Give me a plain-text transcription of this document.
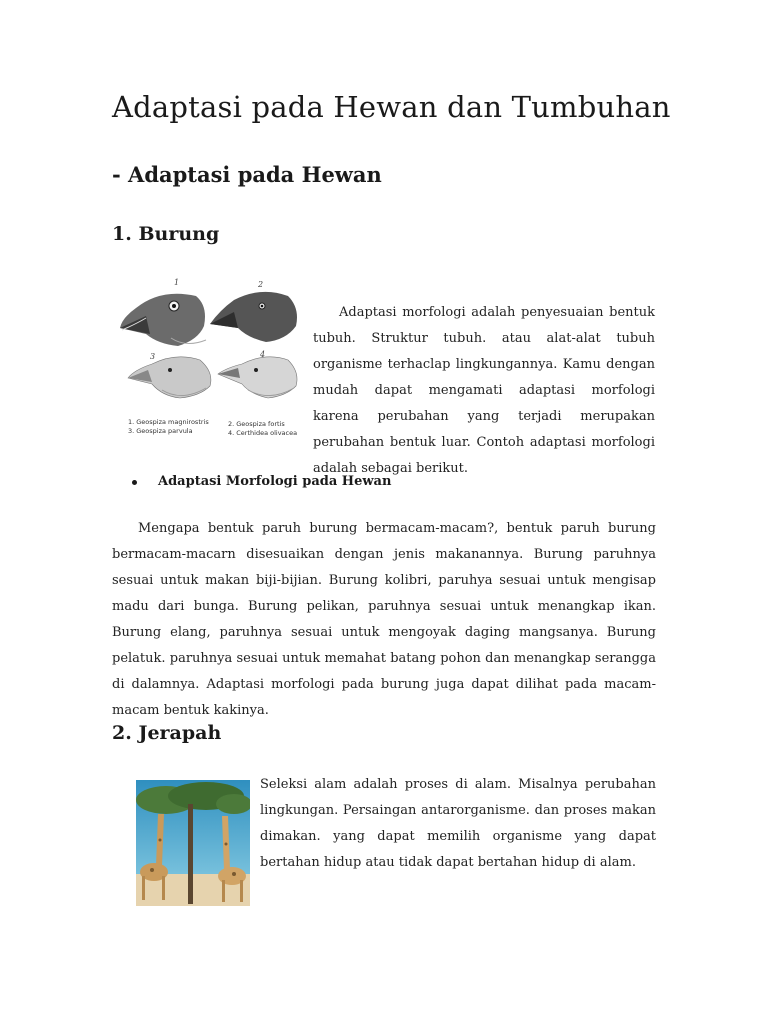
Adaptasi pada Hewan dan Tumbuhan
- Adaptasi pada Hewan
1. Burung
1	2
3	4
1. Geospiza magnirostris
3. Geospiza parvula
2. Geospiza fortis
4. Certhidea olivacea

Adaptasi morfologi adalah penyesuaian bentuk tubuh. Struktur tubuh. atau alat-alat tubuh organisme terhaclap lingkungannya. Kamu dengan mudah dapat mengamati adaptasi morfologi karena perubahan yang terjadi merupakan perubahan bentuk luar. Contoh adaptasi morfologi adalah sebagai berikut.

Adaptasi Morfologi pada Hewan

Mengapa bentuk paruh burung bermacam-macam?, bentuk paruh burung bermacam-macarn disesuaikan dengan jenis makanannya. Burung paruhnya sesuai untuk makan biji-bijian. Burung kolibri, paruhya sesuai untuk mengisap madu dari bunga. Burung pelikan, paruhnya sesuai untuk menangkap ikan. Burung elang, paruhnya sesuai untuk mengoyak daging mangsanya. Burung pelatuk. paruhnya sesuai untuk memahat batang pohon dan menangkap serangga di dalamnya. Adaptasi morfologi pada burung juga dapat dilihat pada macam-macam bentuk kakinya.

2. Jerapah

Seleksi alam adalah proses di alam. Misalnya perubahan lingkungan. Persaingan antarorganisme. dan proses makan dimakan. yang dapat memilih organisme yang dapat bertahan hidup atau tidak dapat bertahan hidup di alam.
